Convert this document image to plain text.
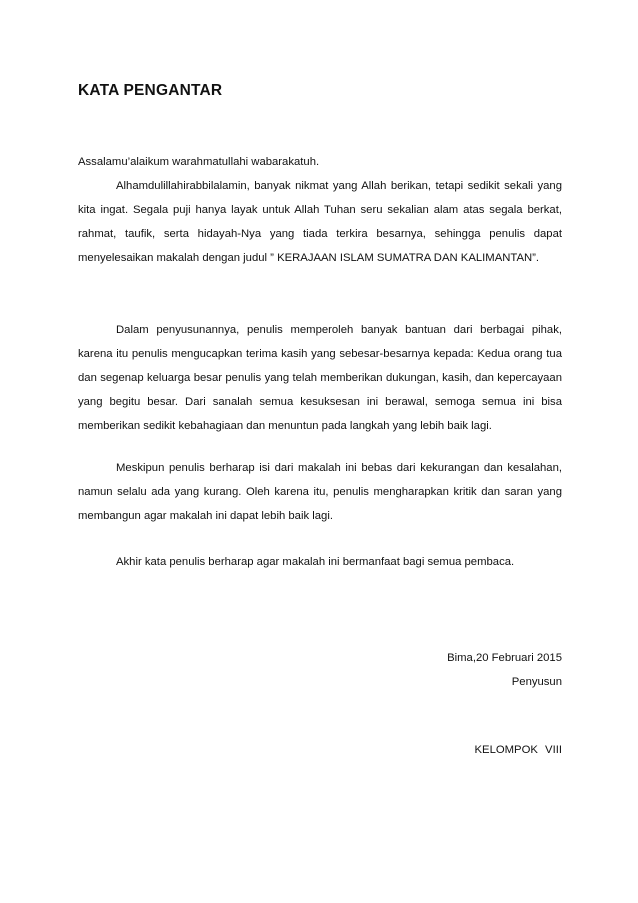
KATA PENGANTAR
Assalamu’alaikum warahmatullahi wabarakatuh.

Alhamdulillahirabbilalamin, banyak nikmat yang Allah berikan, tetapi sedikit sekali yang kita ingat. Segala puji hanya layak untuk Allah Tuhan seru sekalian alam atas segala berkat, rahmat, taufik, serta hidayah-Nya yang tiada terkira besarnya, sehingga penulis dapat menyelesaikan makalah dengan judul ” KERAJAAN ISLAM SUMATRA DAN KALIMANTAN”.

Dalam penyusunannya, penulis memperoleh banyak bantuan dari berbagai pihak, karena itu penulis mengucapkan terima kasih yang sebesar-besarnya kepada: Kedua orang tua dan segenap keluarga besar penulis yang telah memberikan dukungan, kasih, dan kepercayaan yang begitu besar. Dari sanalah semua kesuksesan ini berawal, semoga semua ini bisa memberikan sedikit kebahagiaan dan menuntun pada langkah yang lebih baik lagi.

Meskipun penulis berharap isi dari makalah ini bebas dari kekurangan dan kesalahan, namun selalu ada yang kurang. Oleh karena itu, penulis mengharapkan kritik dan saran yang membangun agar makalah ini dapat lebih baik lagi.

Akhir kata penulis berharap agar makalah ini bermanfaat bagi semua pembaca.

Bima,20 Februari 2015
Penyusun
KELOMPOK VIII
